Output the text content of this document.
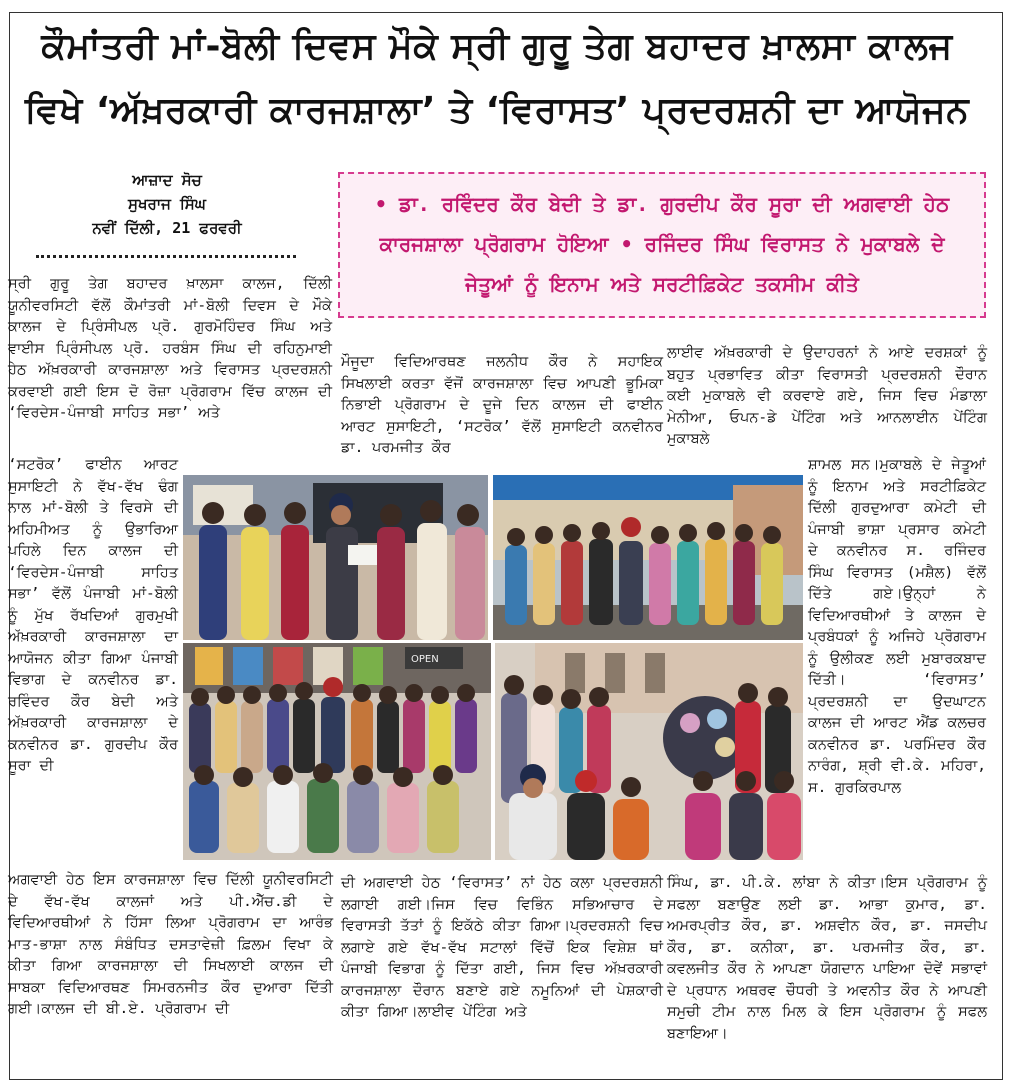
ਕੌਮਾਂਤਰੀ ਮਾਂ-ਬੋਲੀ ਦਿਵਸ ਮੌਕੇ ਸ੍ਰੀ ਗੁਰੂ ਤੇਗ ਬਹਾਦਰ ਖ਼ਾਲਸਾ ਕਾਲਜ
ਵਿਖੇ ‘ਅੱਖ਼ਰਕਾਰੀ ਕਾਰਜਸ਼ਾਲਾ’ ਤੇ ‘ਵਿਰਾਸਤ’ ਪ੍ਰਦਰਸ਼ਨੀ ਦਾ ਆਯੋਜਨ
ਆਜ਼ਾਦ ਸੋਚ
ਸੁਖਰਾਜ ਸਿੰਘ
ਨਵੀਂ ਦਿੱਲੀ, 21 ਫਰਵਰੀ
• ਡਾ. ਰਵਿੰਦਰ ਕੌਰ ਬੇਦੀ ਤੇ ਡਾ. ਗੁਰਦੀਪ ਕੌਰ ਸੂਰਾ ਦੀ ਅਗਵਾਈ ਹੇਠ ਕਾਰਜਸ਼ਾਲਾ ਪ੍ਰੋਗਰਾਮ ਹੋਇਆ • ਰਜਿੰਦਰ ਸਿੰਘ ਵਿਰਾਸਤ ਨੇ ਮੁਕਾਬਲੇ ਦੇ ਜੇਤੂਆਂ ਨੂੰ ਇਨਾਮ ਅਤੇ ਸਰਟੀਫ਼ਿਕੇਟ ਤਕਸੀਮ ਕੀਤੇ

ਸ੍ਰੀ ਗੁਰੂ ਤੇਗ ਬਹਾਦਰ ਖ਼ਾਲਸਾ ਕਾਲਜ, ਦਿੱਲੀ ਯੂਨੀਵਰਸਿਟੀ ਵੱਲੋਂ ਕੌਮਾਂਤਰੀ ਮਾਂ-ਬੋਲੀ ਦਿਵਸ ਦੇ ਮੌਕੇ ਕਾਲਜ ਦੇ ਪ੍ਰਿੰਸੀਪਲ ਪ੍ਰੋ. ਗੁਰਮੋਹਿੰਦਰ ਸਿੰਘ ਅਤੇ ਵਾਈਸ ਪ੍ਰਿੰਸੀਪਲ ਪ੍ਰੋ. ਹਰਬੰਸ ਸਿੰਘ ਦੀ ਰਹਿਨੁਮਾਈ ਹੇਠ ਅੱਖ਼ਰਕਾਰੀ ਕਾਰਜਸ਼ਾਲਾ ਅਤੇ ਵਿਰਾਸਤ ਪ੍ਰਦਰਸ਼ਨੀ ਕਰਵਾਈ ਗਈ ਇਸ ਦੋ ਰੋਜ਼ਾ ਪ੍ਰੋਗਰਾਮ ਵਿੱਚ ਕਾਲਜ ਦੀ ‘ਵਿਰਦੇਸ-ਪੰਜਾਬੀ ਸਾਹਿਤ ਸਭਾ’ ਅਤੇ

‘ਸਟਰੋਕ’ ਫਾਈਨ ਆਰਟ ਸੁਸਾਇਟੀ ਨੇ ਵੱਖ-ਵੱਖ ਢੰਗ ਨਾਲ ਮਾਂ-ਬੋਲੀ ਤੇ ਵਿਰਸੇ ਦੀ ਅਹਿਮੀਅਤ ਨੂੰ ਉਭਾਰਿਆ ਪਹਿਲੇ ਦਿਨ ਕਾਲਜ ਦੀ ‘ਵਿਰਦੇਸ-ਪੰਜਾਬੀ ਸਾਹਿਤ ਸਭਾ’ ਵੱਲੋਂ ਪੰਜਾਬੀ ਮਾਂ-ਬੋਲੀ ਨੂੰ ਮੁੱਖ ਰੱਖਦਿਆਂ ਗੁਰਮੁਖੀ ਅੱਖ਼ਰਕਾਰੀ ਕਾਰਜਸ਼ਾਲਾ ਦਾ ਆਯੋਜਨ ਕੀਤਾ ਗਿਆ ਪੰਜਾਬੀ ਵਿਭਾਗ ਦੇ ਕਨਵੀਨਰ ਡਾ. ਰਵਿੰਦਰ ਕੌਰ ਬੇਦੀ ਅਤੇ ਅੱਖ਼ਰਕਾਰੀ ਕਾਰਜਸ਼ਾਲਾ ਦੇ ਕਨਵੀਨਰ ਡਾ. ਗੁਰਦੀਪ ਕੌਰ ਸੂਰਾ ਦੀ

ਅਗਵਾਈ ਹੇਠ ਇਸ ਕਾਰਜਸ਼ਾਲਾ ਵਿਚ ਦਿੱਲੀ ਯੂਨੀਵਰਸਿਟੀ ਦੇ ਵੱਖ-ਵੱਖ ਕਾਲਜਾਂ ਅਤੇ ਪੀ.ਐੱਚ.ਡੀ ਦੇ ਵਿਦਿਆਰਥੀਆਂ ਨੇ ਹਿੱਸਾ ਲਿਆ ਪ੍ਰੋਗਰਾਮ ਦਾ ਆਰੰਭ ਮਾਤ-ਭਾਸ਼ਾ ਨਾਲ ਸੰਬੰਧਿਤ ਦਸਤਾਵੇਜ਼ੀ ਫ਼ਿਲਮ ਵਿਖਾ ਕੇ ਕੀਤਾ ਗਿਆ ਕਾਰਜਸ਼ਾਲਾ ਦੀ ਸਿਖਲਾਈ ਕਾਲਜ ਦੀ ਸਾਬਕਾ ਵਿਦਿਆਰਥਣ ਸਿਮਰਨਜੀਤ ਕੌਰ ਦੁਆਰਾ ਦਿੱਤੀ ਗਈ।ਕਾਲਜ ਦੀ ਬੀ.ਏ. ਪ੍ਰੋਗਰਾਮ ਦੀ

ਮੌਜੂਦਾ ਵਿਦਿਆਰਥਣ ਜਲਨੀਧ ਕੌਰ ਨੇ ਸਹਾਇਕ ਸਿਖਲਾਈ ਕਰਤਾ ਵੱਜੋਂ ਕਾਰਜਸ਼ਾਲਾ ਵਿਚ ਆਪਣੀ ਭੂਮਿਕਾ ਨਿਭਾਈ ਪ੍ਰੋਗਰਾਮ ਦੇ ਦੂਜੇ ਦਿਨ ਕਾਲਜ ਦੀ ਫਾਈਨ ਆਰਟ ਸੁਸਾਇਟੀ, ‘ਸਟਰੋਕ’ ਵੱਲੋਂ ਸੁਸਾਇਟੀ ਕਨਵੀਨਰ ਡਾ. ਪਰਮਜੀਤ ਕੌਰ

ਦੀ ਅਗਵਾਈ ਹੇਠ ‘ਵਿਰਾਸਤ’ ਨਾਂ ਹੇਠ ਕਲਾ ਪ੍ਰਦਰਸ਼ਨੀ ਲਗਾਈ ਗਈ।ਜਿਸ ਵਿਚ ਵਿਭਿੰਨ ਸਭਿਆਚਾਰ ਦੇ ਵਿਰਾਸਤੀ ਤੱਤਾਂ ਨੂੰ ਇਕੱਠੇ ਕੀਤਾ ਗਿਆ।ਪ੍ਰਦਰਸ਼ਨੀ ਵਿਚ ਲਗਾਏ ਗਏ ਵੱਖ-ਵੱਖ ਸਟਾਲਾਂ ਵਿੱਚੋਂ ਇਕ ਵਿਸ਼ੇਸ਼ ਥਾਂ ਪੰਜਾਬੀ ਵਿਭਾਗ ਨੂੰ ਦਿੱਤਾ ਗਈ, ਜਿਸ ਵਿਚ ਅੱਖ਼ਰਕਾਰੀ ਕਾਰਜਸ਼ਾਲਾ ਦੌਰਾਨ ਬਣਾਏ ਗਏ ਨਮੂਨਿਆਂ ਦੀ ਪੇਸ਼ਕਾਰੀ ਕੀਤਾ ਗਿਆ।ਲਾਈਵ ਪੇਂਟਿੰਗ ਅਤੇ

ਲਾਈਵ ਅੱਖ਼ਰਕਾਰੀ ਦੇ ਉਦਾਹਰਨਾਂ ਨੇ ਆਏ ਦਰਸ਼ਕਾਂ ਨੂੰ ਬਹੁਤ ਪ੍ਰਭਾਵਿਤ ਕੀਤਾ ਵਿਰਾਸਤੀ ਪ੍ਰਦਰਸ਼ਨੀ ਦੌਰਾਨ ਕਈ ਮੁਕਾਬਲੇ ਵੀ ਕਰਵਾਏ ਗਏ, ਜਿਸ ਵਿਚ ਮੰਡਾਲਾ ਮੇਨੀਆ, ਓਪਨ-ਡੇ ਪੇਂਟਿੰਗ ਅਤੇ ਆਨਲਾਈਨ ਪੇਂਟਿੰਗ ਮੁਕਾਬਲੇ

ਸ਼ਾਮਲ ਸਨ।ਮੁਕਾਬਲੇ ਦੇ ਜੇਤੂਆਂ ਨੂੰ ਇਨਾਮ ਅਤੇ ਸਰਟੀਫ਼ਿਕੇਟ ਦਿੱਲੀ ਗੁਰਦੁਆਰਾ ਕਮੇਟੀ ਦੀ ਪੰਜਾਬੀ ਭਾਸ਼ਾ ਪ੍ਰਸਾਰ ਕਮੇਟੀ ਦੇ ਕਨਵੀਨਰ ਸ. ਰਜਿੰਦਰ ਸਿੰਘ ਵਿਰਾਸਤ (ਮਸ਼ੈਲ) ਵੱਲੋਂ ਦਿੱਤੇ ਗਏ।ਉਨ੍ਹਾਂ ਨੇ ਵਿਦਿਆਰਥੀਆਂ ਤੇ ਕਾਲਜ ਦੇ ਪ੍ਰਬੰਧਕਾਂ ਨੂੰ ਅਜਿਹੇ ਪ੍ਰੋਗਰਾਮ ਨੂੰ ਉਲੀਕਣ ਲਈ ਮੁਬਾਰਕਬਾਦ ਦਿੱਤੀ। ‘ਵਿਰਾਸਤ’ ਪ੍ਰਦਰਸ਼ਨੀ ਦਾ ਉਦਘਾਟਨ ਕਾਲਜ ਦੀ ਆਰਟ ਐਂਡ ਕਲਚਰ ਕਨਵੀਨਰ ਡਾ. ਪਰਮਿੰਦਰ ਕੌਰ ਨਾਰੰਗ, ਸ਼੍ਰੀ ਵੀ.ਕੇ. ਮਹਿਰਾ, ਸ. ਗੁਰਕਿਰਪਾਲ

ਸਿੰਘ, ਡਾ. ਪੀ.ਕੇ. ਲਾਂਬਾ ਨੇ ਕੀਤਾ।ਇਸ ਪ੍ਰੋਗਰਾਮ ਨੂੰ ਸਫਲਾ ਬਣਾਉਣ ਲਈ ਡਾ. ਆਭਾ ਕੁਮਾਰ, ਡਾ. ਅਮਰਪ੍ਰੀਤ ਕੌਰ, ਡਾ. ਅਸ਼ਵੀਨ ਕੌਰ, ਡਾ. ਜਸਦੀਪ ਕੌਰ, ਡਾ. ਕਨੀਕਾ, ਡਾ. ਪਰਮਜੀਤ ਕੌਰ, ਡਾ. ਕਵਲਜੀਤ ਕੌਰ ਨੇ ਆਪਣਾ ਯੋਗਦਾਨ ਪਾਇਆ ਦੋਵੇਂ ਸਭਾਵਾਂ ਦੇ ਪ੍ਰਧਾਨ ਅਥਰਵ ਚੌਧਰੀ ਤੇ ਅਵਨੀਤ ਕੌਰ ਨੇ ਆਪਣੀ ਸਮੁਚੀ ਟੀਮ ਨਾਲ ਮਿਲ ਕੇ ਇਸ ਪ੍ਰੋਗਰਾਮ ਨੂੰ ਸਫਲ ਬਣਾਇਆ।

OPEN
